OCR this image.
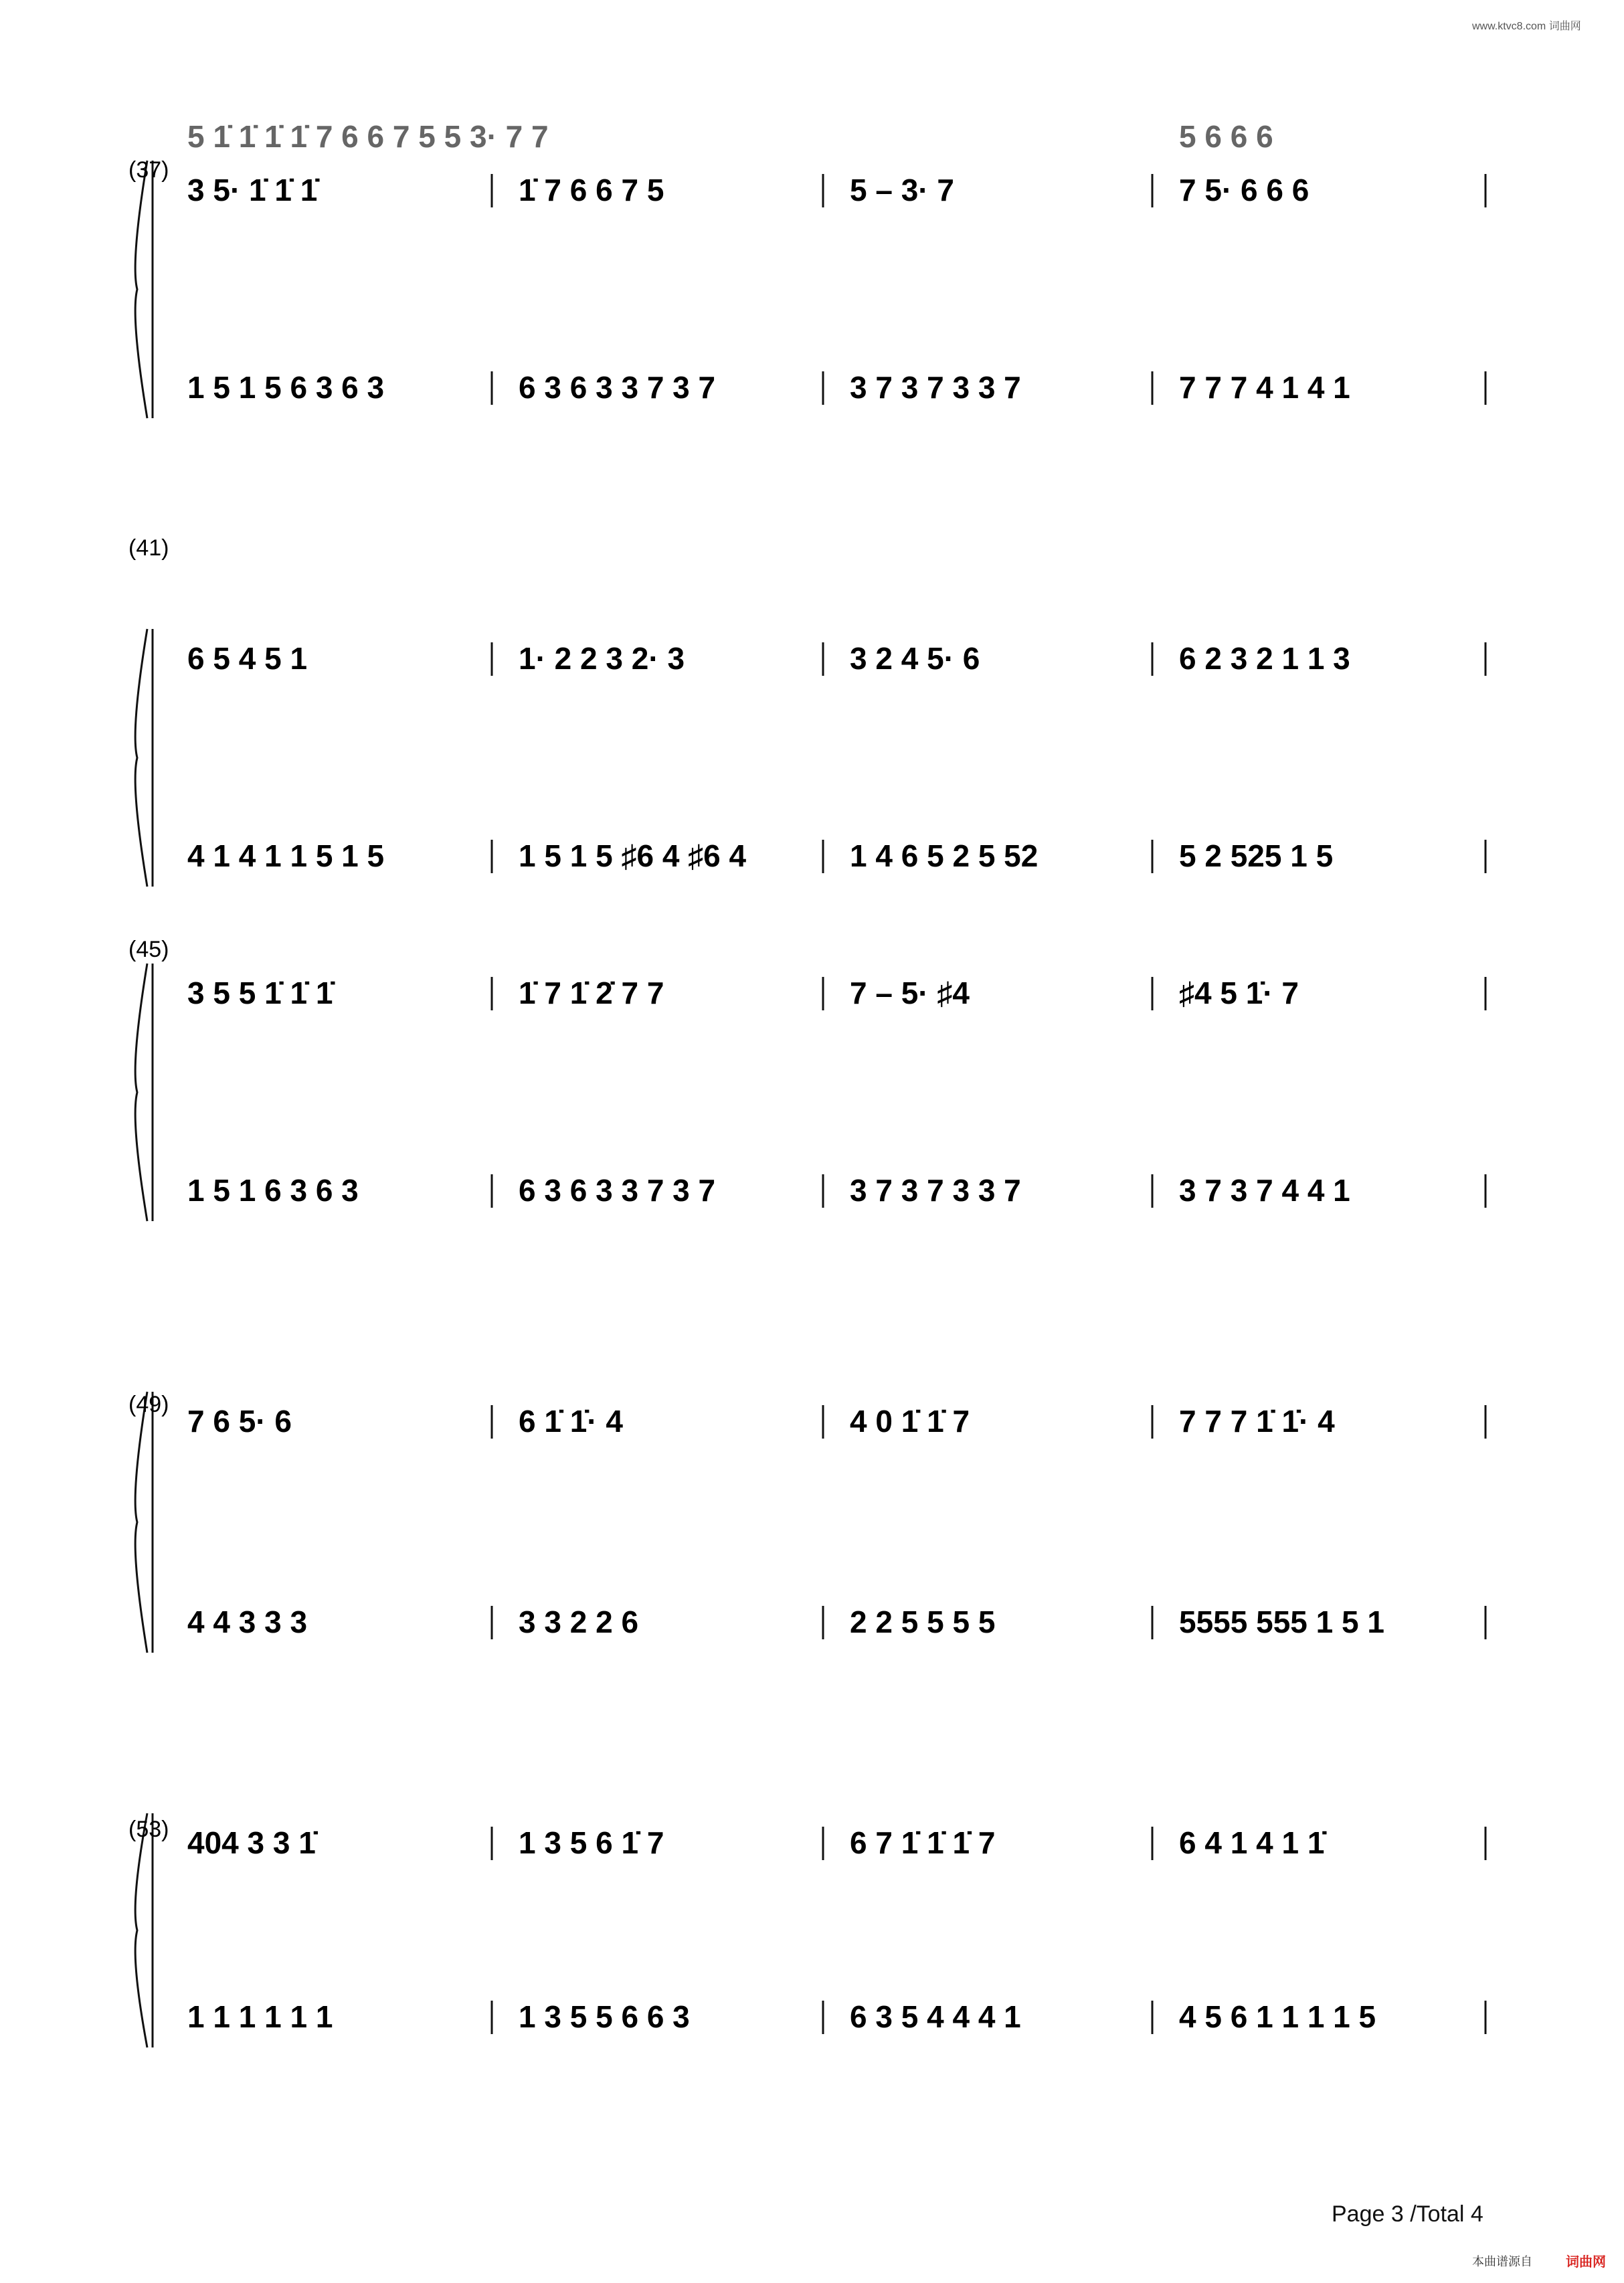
www.ktvc8.com 词曲网
(37)
3 5· 1̇ 1̇ 1̇	1̇ 7 6 6 7 5	5 – 3· 7	7 5· 6 6 6
1 5 1 5 6 3 6 3	6 3 6 3 3 7 3 7	3 7 3 7 3 3 7	7 7 7 4 1 4 1
5 1̇ 1̇ 1̇ 1̇ 7 6 6 7 5 5 3· 7 7	5 6 6 6
(41)
6 5 4 5 1	1· 2 2 3 2· 3	3 2 4 5· 6	6 2 3 2 1 1 3
4 1 4 1 1 5 1 5	1 5 1 5 ♯6 4 ♯6 4	1 4 6 5 2 5 52	5 2 525 1 5
(45)
3 5 5 1̇ 1̇ 1̇	1̇ 7 1̇ 2̇ 7 7	7 – 5· ♯4	♯4 5 1̇· 7
1 5 1 6 3 6 3	6 3 6 3 3 7 3 7	3 7 3 7 3 3 7	3 7 3 7 4 4 1
(49) 7 6 5· 6	6 1̇ 1̇· 4	4 0 1̇ 1̇ 7	7 7 7 1̇ 1̇· 4
4 4 3 3 3	3 3 2 2 6	2 2 5 5 5 5	5555 555 1 5 1
(53) 404 3 3 1̇	1 3 5 6 1̇ 7	6 7 1̇ 1̇ 1̇ 7	6 4 1 4 1 1̇
1 1 1 1 1 1	1 3 5 5 6 6 3	6 3 5 4 4 4 1	4 5 6 1 1 1 1 5
Page 3 /Total 4
本曲谱源自	词曲网
